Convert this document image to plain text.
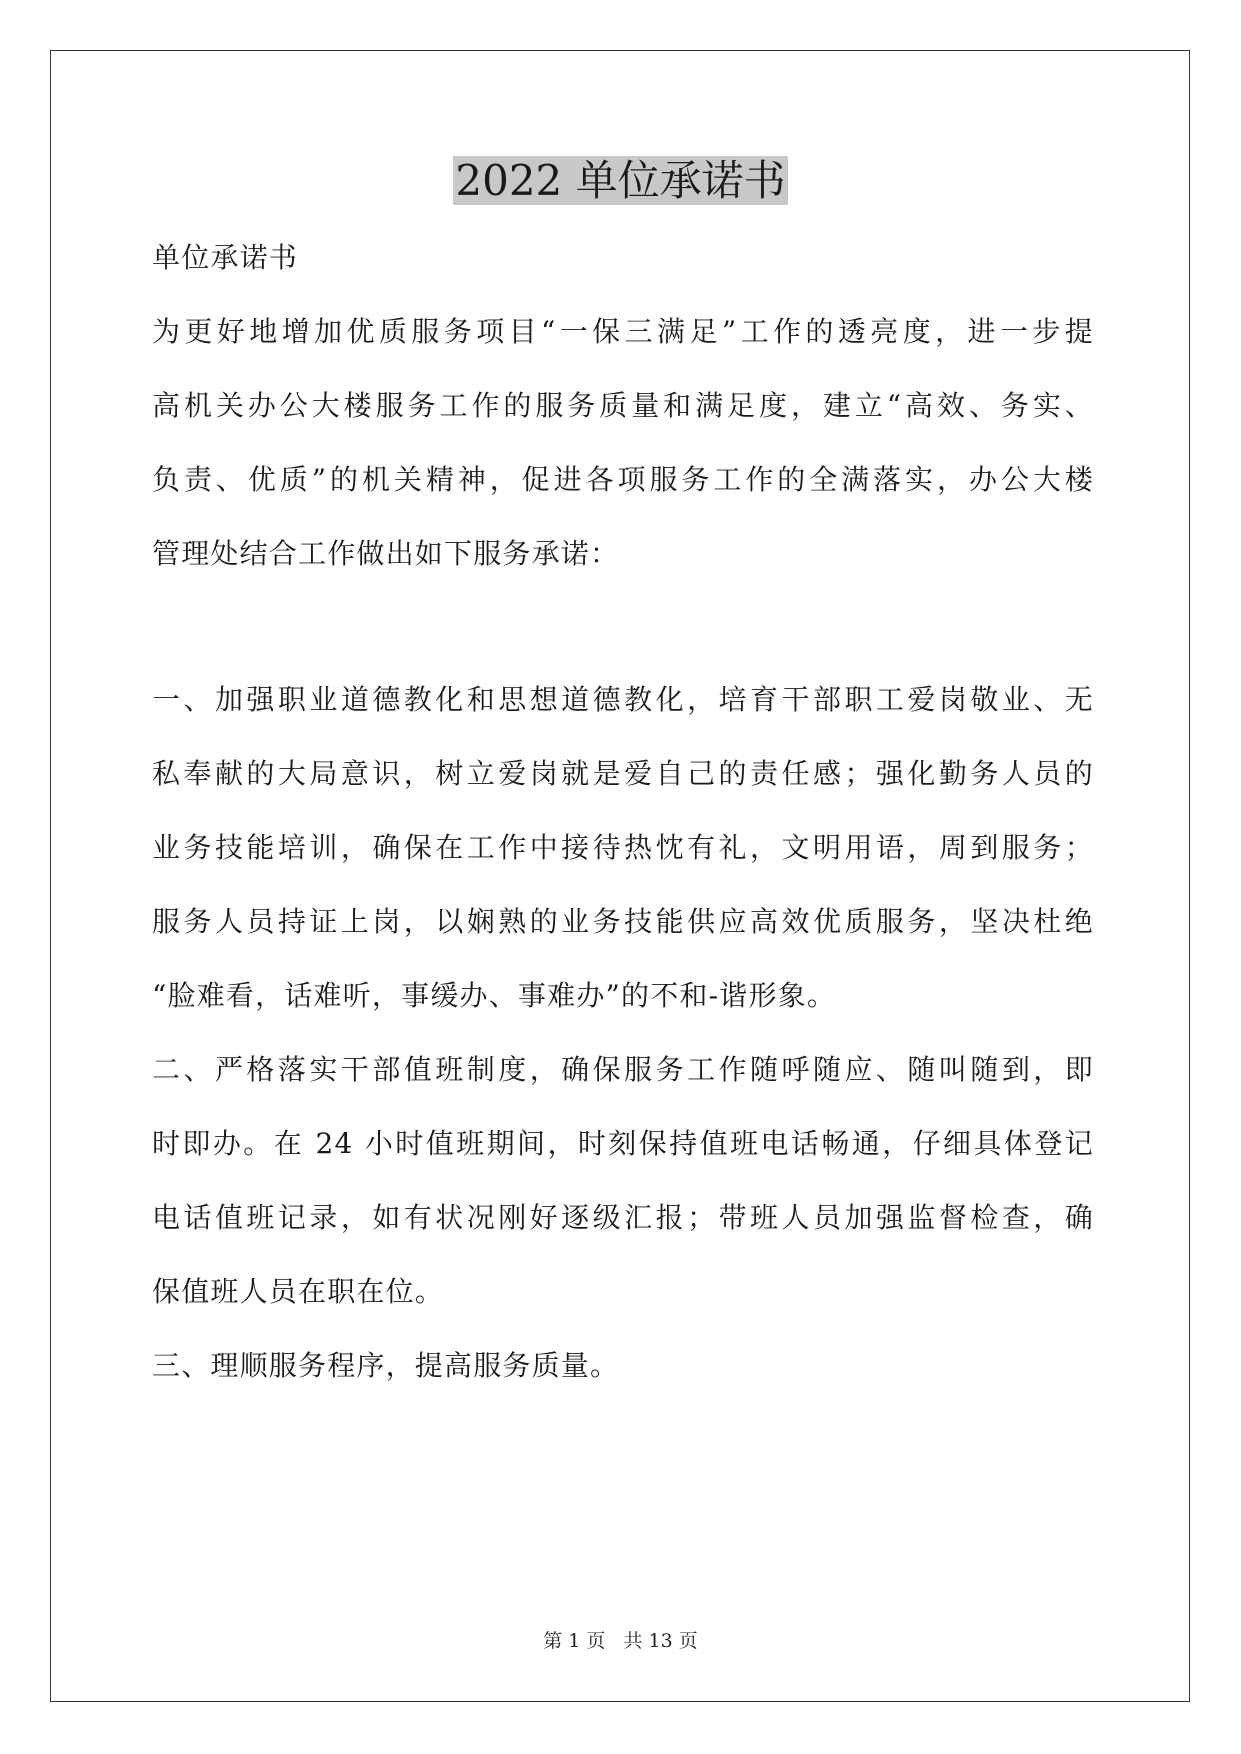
2022 单位承诺书
单位承诺书
为更好地增加优质服务项目“一保三满足”工作的透亮度，进一步提
高机关办公大楼服务工作的服务质量和满足度，建立“高效、务实、
负责、优质”的机关精神，促进各项服务工作的全满落实，办公大楼
管理处结合工作做出如下服务承诺：
一、加强职业道德教化和思想道德教化，培育干部职工爱岗敬业、无
私奉献的大局意识，树立爱岗就是爱自己的责任感；强化勤务人员的
业务技能培训，确保在工作中接待热忱有礼，文明用语，周到服务；
服务人员持证上岗，以娴熟的业务技能供应高效优质服务，坚决杜绝
“脸难看，话难听，事缓办、事难办”的不和-谐形象。
二、严格落实干部值班制度，确保服务工作随呼随应、随叫随到，即
时即办。在 24 小时值班期间，时刻保持值班电话畅通，仔细具体登记
电话值班记录，如有状况刚好逐级汇报；带班人员加强监督检查，确
保值班人员在职在位。
三、理顺服务程序，提高服务质量。
第 1 页 共 13 页
